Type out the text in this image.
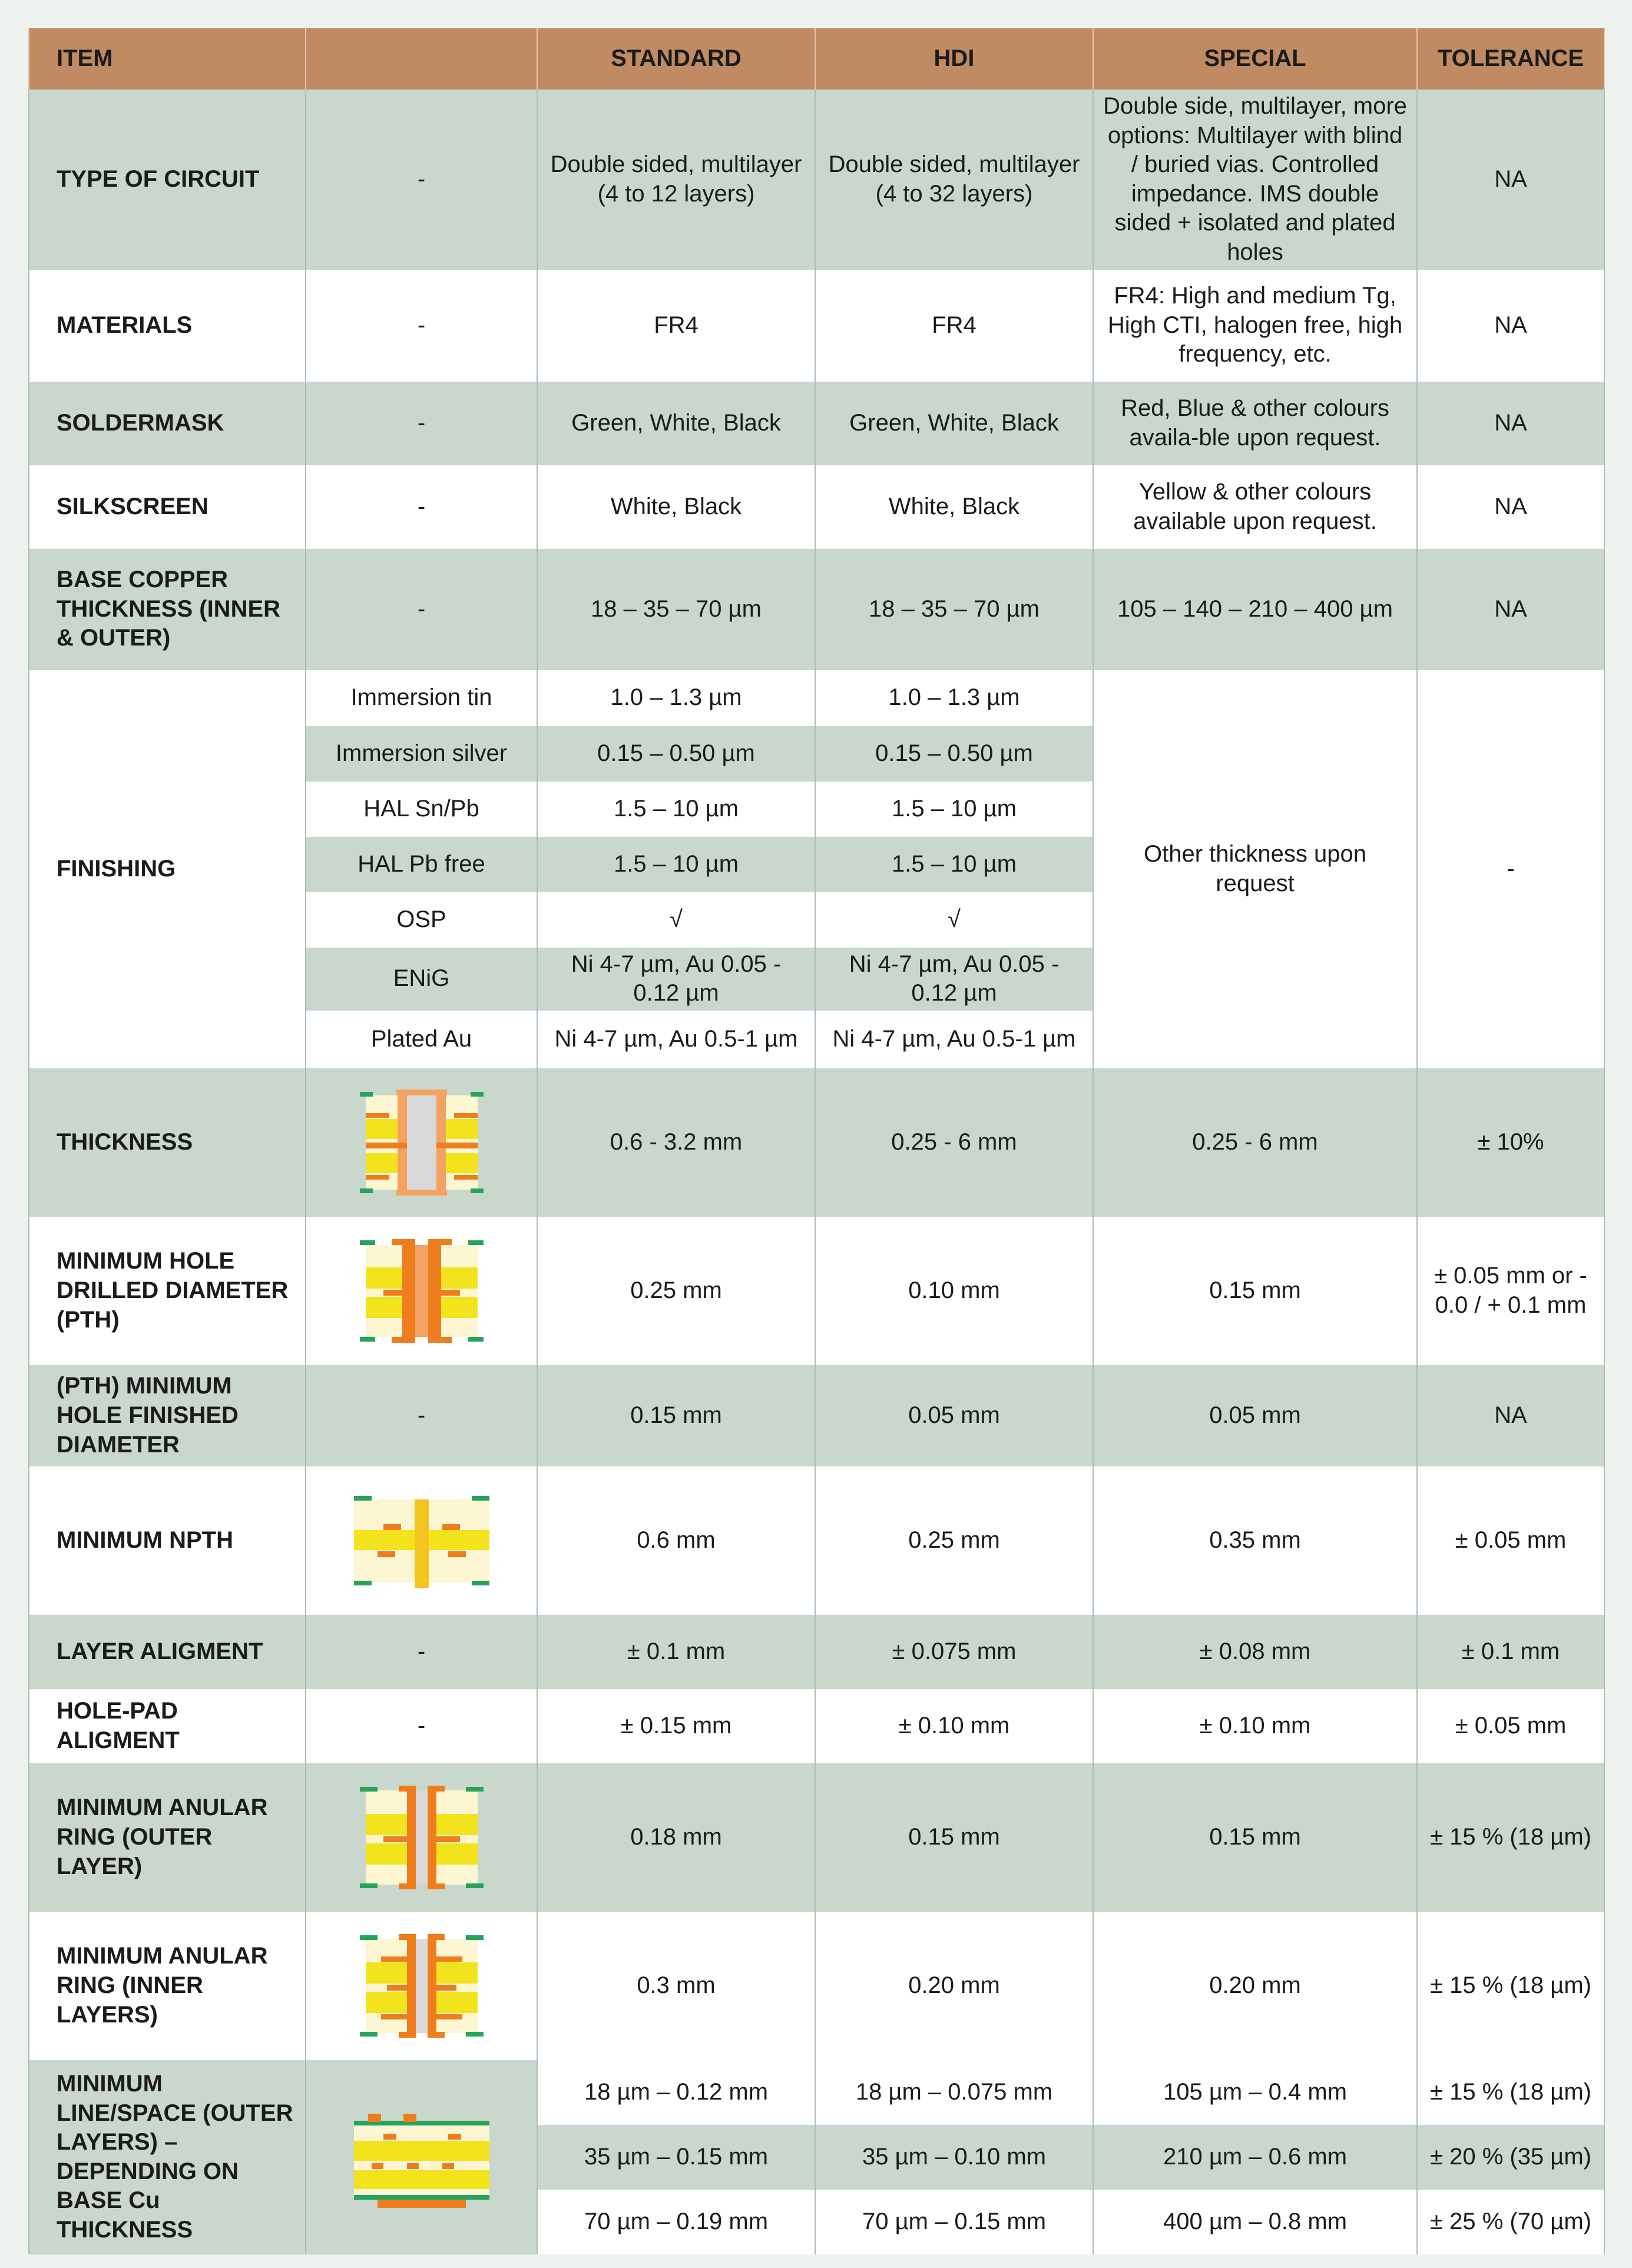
ITEM		STANDARD	HDI	SPECIAL	TOLERANCE
TYPE OF CIRCUIT	-	Double sided, multilayer (4 to 12 layers)	Double sided, multilayer (4 to 32 layers)	Double side, multilayer, more options: Multilayer with blind / buried vias. Controlled impedance. IMS double sided + isolated and plated holes	NA
MATERIALS	-	FR4	FR4	FR4: High and medium Tg, High CTI, halogen free, high frequency, etc.	NA
SOLDERMASK	-	Green, White, Black	Green, White, Black	Red, Blue & other colours availa-ble upon request.	NA
SILKSCREEN	-	White, Black	White, Black	Yellow & other colours available upon request.	NA
BASE COPPER THICKNESS (INNER & OUTER)	-	18 – 35 – 70 µm	18 – 35 – 70 µm	105 – 140 – 210 – 400 µm	NA
FINISHING	Immersion tin	1.0 – 1.3 µm	1.0 – 1.3 µm	Other thickness upon request	-
	Immersion silver	0.15 – 0.50 µm	0.15 – 0.50 µm		
	HAL Sn/Pb	1.5 – 10 µm	1.5 – 10 µm		
	HAL Pb free	1.5 – 10 µm	1.5 – 10 µm		
	OSP	√	√		
	ENiG	Ni 4-7 µm, Au 0.05 - 0.12 µm	Ni 4-7 µm, Au 0.05 - 0.12 µm		
	Plated Au	Ni 4-7 µm, Au 0.5-1 µm	Ni 4-7 µm, Au 0.5-1 µm		
THICKNESS		0.6 - 3.2 mm	0.25 - 6 mm	0.25 - 6 mm	± 10%
MINIMUM HOLE DRILLED DIAMETER (PTH)		0.25 mm	0.10 mm	0.15 mm	± 0.05 mm or - 0.0 / + 0.1 mm
(PTH) MINIMUM HOLE FINISHED DIAMETER	-	0.15 mm	0.05 mm	0.05 mm	NA
MINIMUM NPTH		0.6 mm	0.25 mm	0.35 mm	± 0.05 mm
LAYER ALIGMENT	-	± 0.1 mm	± 0.075 mm	± 0.08 mm	± 0.1 mm
HOLE-PAD ALIGMENT	-	± 0.15 mm	± 0.10 mm	± 0.10 mm	± 0.05 mm
MINIMUM ANULAR RING (OUTER LAYER)		0.18 mm	0.15 mm	0.15 mm	± 15 % (18 µm)
MINIMUM ANULAR RING (INNER LAYERS)		0.3 mm	0.20 mm	0.20 mm	± 15 % (18 µm)
MINIMUM LINE/SPACE (OUTER LAYERS) – DEPENDING ON BASE Cu THICKNESS		18 µm – 0.12 mm	18 µm – 0.075 mm	105 µm – 0.4 mm	± 15 % (18 µm)
		35 µm – 0.15 mm	35 µm – 0.10 mm	210 µm – 0.6 mm	± 20 % (35 µm)
		70 µm – 0.19 mm	70 µm – 0.15 mm	400 µm – 0.8 mm	± 25 % (70 µm)
